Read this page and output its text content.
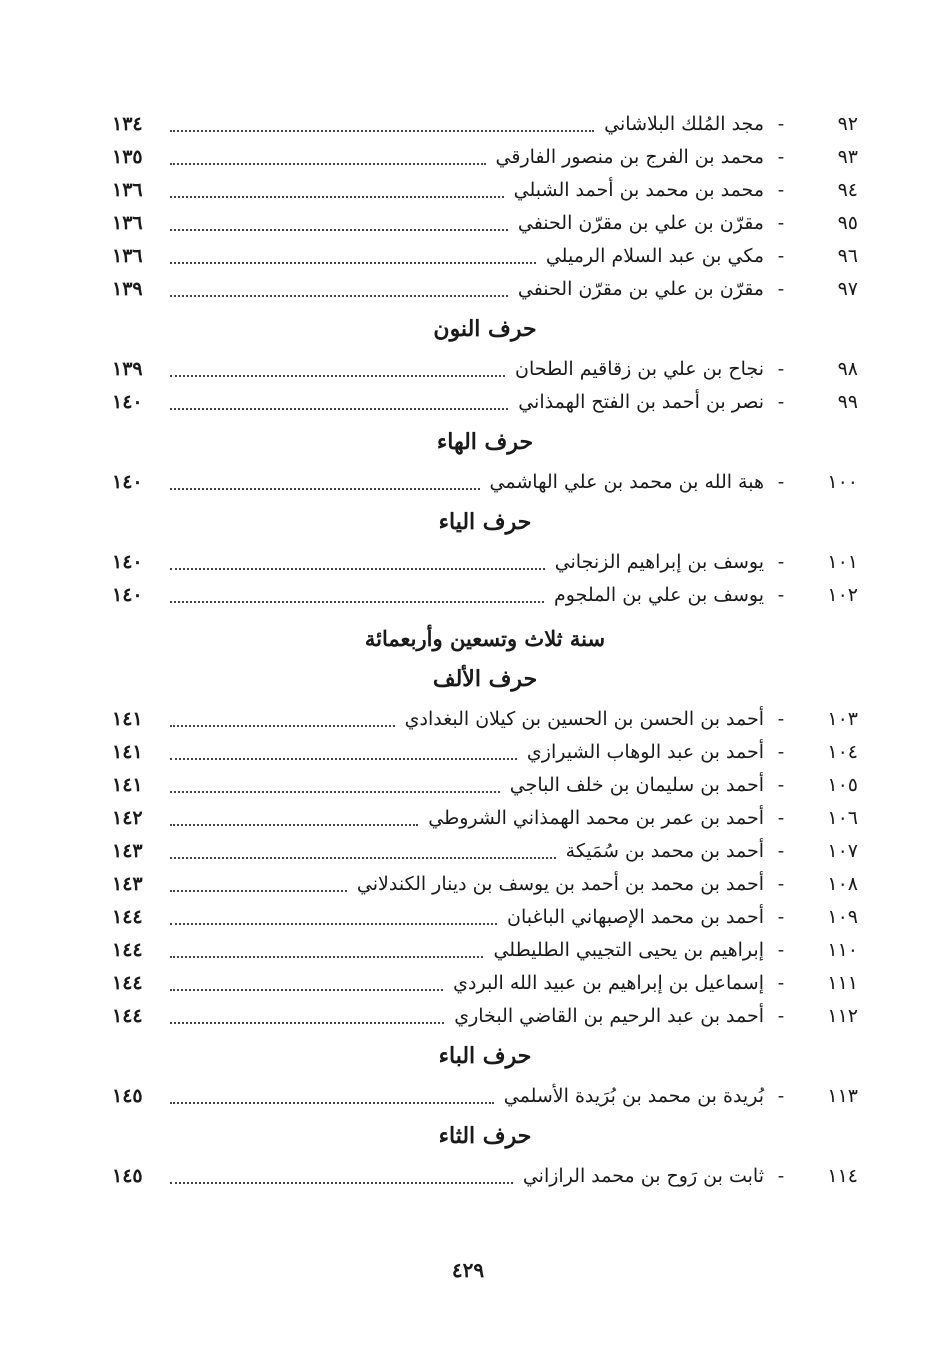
٩٢
-
مجد المُلك البلاشاني
١٣٤
٩٣
-
محمد بن الفرج بن منصور الفارقي
١٣٥
٩٤
-
محمد بن محمد بن أحمد الشبلي
١٣٦
٩٥
-
مقرّن بن علي بن مقرّن الحنفي
١٣٦
٩٦
-
مكي بن عبد السلام الرميلي
١٣٦
٩٧
-
مقرّن بن علي بن مقرّن الحنفي
١٣٩
حرف النون
٩٨
-
نجاح بن علي بن زقاقيم الطحان
١٣٩
٩٩
-
نصر بن أحمد بن الفتح الهمذاني
١٤٠
حرف الهاء
١٠٠
-
هبة الله بن محمد بن علي الهاشمي
١٤٠
حرف الياء
١٠١
-
يوسف بن إبراهيم الزنجاني
١٤٠
١٠٢
-
يوسف بن علي بن الملجوم
١٤٠
سنة ثلاث وتسعين وأربعمائة
حرف الألف
١٠٣
-
أحمد بن الحسن بن الحسين بن كيلان البغدادي
١٤١
١٠٤
-
أحمد بن عبد الوهاب الشيرازي
١٤١
١٠٥
-
أحمد بن سليمان بن خلف الباجي
١٤١
١٠٦
-
أحمد بن عمر بن محمد الهمذاني الشروطي
١٤٢
١٠٧
-
أحمد بن محمد بن سُمَيكة
١٤٣
١٠٨
-
أحمد بن محمد بن أحمد بن يوسف بن دينار الكندلاني
١٤٣
١٠٩
-
أحمد بن محمد الإصبهاني الباغبان
١٤٤
١١٠
-
إبراهيم بن يحيى التجيبي الطليطلي
١٤٤
١١١
-
إسماعيل بن إبراهيم بن عبيد الله البردي
١٤٤
١١٢
-
أحمد بن عبد الرحيم بن القاضي البخاري
١٤٤
حرف الباء
١١٣
-
بُريدة بن محمد بن بُرَيدة الأسلمي
١٤٥
حرف الثاء
١١٤
-
ثابت بن رَوح بن محمد الرازاني
١٤٥
٤٢٩
